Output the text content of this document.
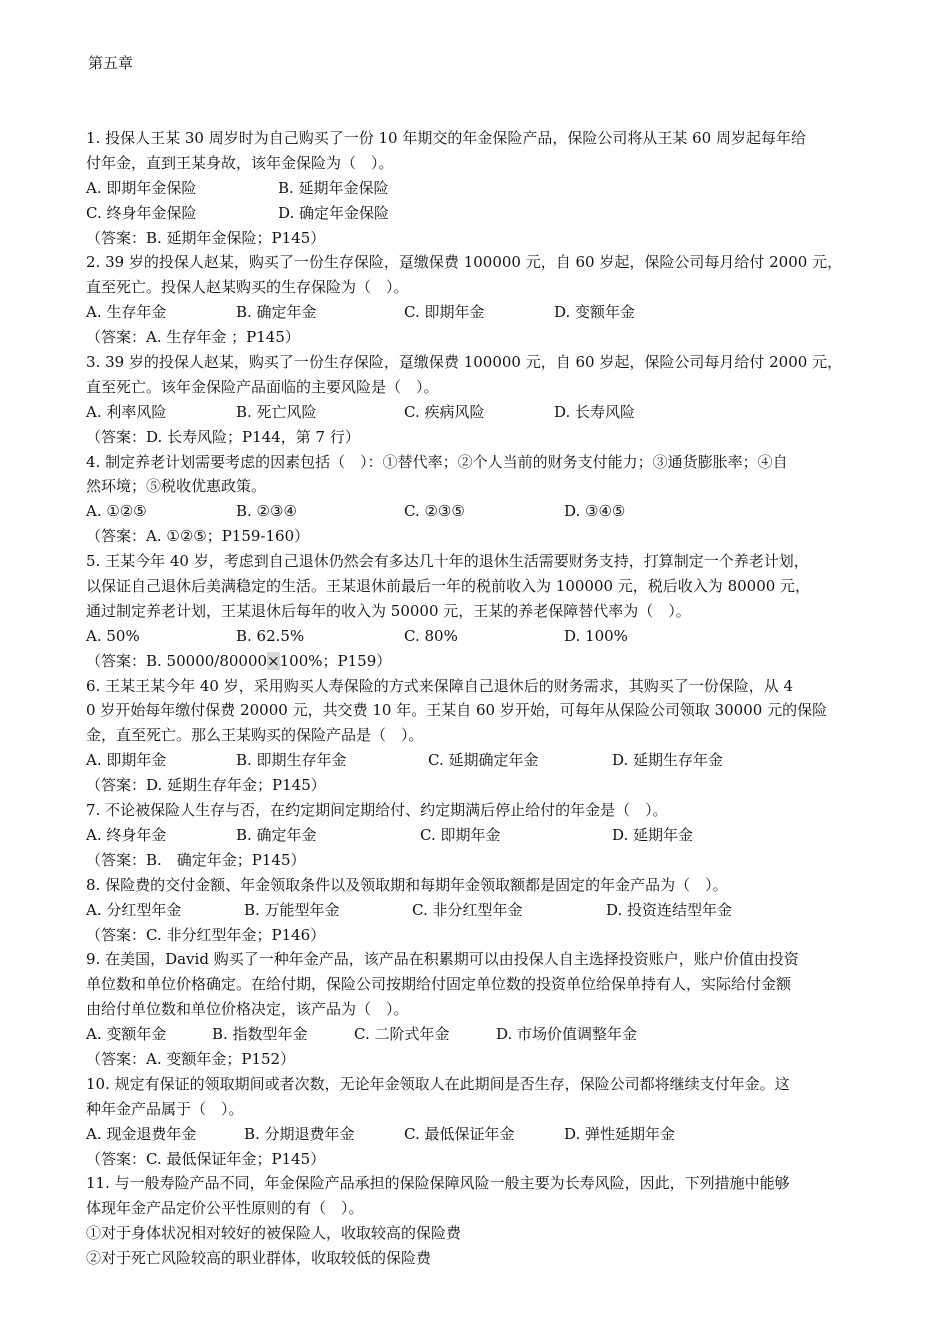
第五章
1. 投保人王某 30 周岁时为自己购买了一份 10 年期交的年金保险产品，保险公司将从王某 60 周岁起每年给
付年金，直到王某身故，该年金保险为（　）。
A. 即期年金保险	B. 延期年金保险
C. 终身年金保险	D. 确定年金保险
（答案：B. 延期年金保险；P145）
2. 39 岁的投保人赵某，购买了一份生存保险，趸缴保费 100000 元，自 60 岁起，保险公司每月给付 2000 元，
直至死亡。投保人赵某购买的生存保险为（　）。
A. 生存年金	B. 确定年金	C. 即期年金	D. 变额年金
（答案：A. 生存年金 ；P145）
3. 39 岁的投保人赵某，购买了一份生存保险，趸缴保费 100000 元，自 60 岁起，保险公司每月给付 2000 元，
直至死亡。该年金保险产品面临的主要风险是（　）。
A. 利率风险	B. 死亡风险	C. 疾病风险	D. 长寿风险
（答案：D. 长寿风险；P144，第 7 行）
4. 制定养老计划需要考虑的因素包括（　）：①替代率；②个人当前的财务支付能力；③通货膨胀率；④自
然环境；⑤税收优惠政策。
A. ①②⑤	B. ②③④	C. ②③⑤	D. ③④⑤
（答案：A. ①②⑤；P159-160）
5. 王某今年 40 岁，考虑到自己退休仍然会有多达几十年的退休生活需要财务支持，打算制定一个养老计划，
以保证自己退休后美满稳定的生活。王某退休前最后一年的税前收入为 100000 元，税后收入为 80000 元，
通过制定养老计划，王某退休后每年的收入为 50000 元，王某的养老保障替代率为（　）。
A. 50%	B. 62.5%	C. 80%	D. 100%
（答案：B. 50000/80000×100%；P159）
6. 王某王某今年 40 岁，采用购买人寿保险的方式来保障自己退休后的财务需求，其购买了一份保险，从 4
0 岁开始每年缴付保费 20000 元，共交费 10 年。王某自 60 岁开始，可每年从保险公司领取 30000 元的保险
金，直至死亡。那么王某购买的保险产品是（　）。
A. 即期年金	B. 即期生存年金	C. 延期确定年金	D. 延期生存年金
（答案：D. 延期生存年金；P145）
7. 不论被保险人生存与否，在约定期间定期给付、约定期满后停止给付的年金是（　）。
A. 终身年金	B. 确定年金	C. 即期年金	D. 延期年金
（答案：B.　确定年金；P145）
8. 保险费的交付金额、年金领取条件以及领取期和每期年金领取额都是固定的年金产品为（　）。
A. 分红型年金	B. 万能型年金	C. 非分红型年金	D. 投资连结型年金
（答案：C. 非分红型年金；P146）
9. 在美国，David 购买了一种年金产品，该产品在积累期可以由投保人自主选择投资账户，账户价值由投资
单位数和单位价格确定。在给付期，保险公司按期给付固定单位数的投资单位给保单持有人，实际给付金额
由给付单位数和单位价格决定，该产品为（　）。
A. 变额年金	B. 指数型年金	C. 二阶式年金	D. 市场价值调整年金
（答案：A. 变额年金；P152）
10. 规定有保证的领取期间或者次数，无论年金领取人在此期间是否生存，保险公司都将继续支付年金。这
种年金产品属于（　）。
A. 现金退费年金	B. 分期退费年金	C. 最低保证年金	D. 弹性延期年金
（答案：C. 最低保证年金；P145）
11. 与一般寿险产品不同，年金保险产品承担的保险保障风险一般主要为长寿风险，因此，下列措施中能够
体现年金产品定价公平性原则的有（　）。
①对于身体状况相对较好的被保险人，收取较高的保险费
②对于死亡风险较高的职业群体，收取较低的保险费
